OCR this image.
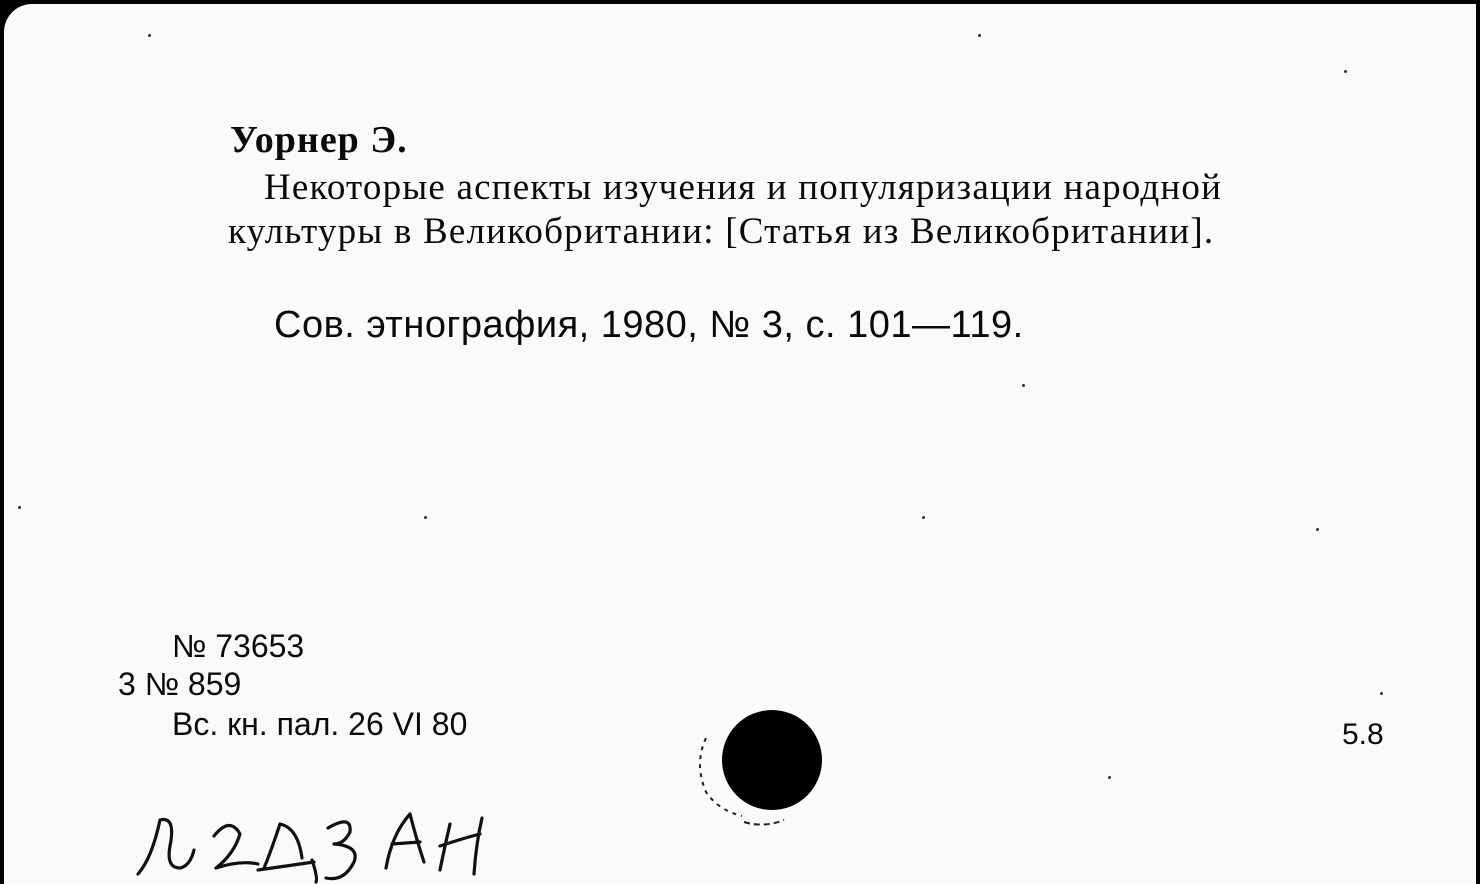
Уорнер Э.
Некоторые аспекты изучения и популяризации народной культуры в Великобритании: [Статья из Великобритании].
Сов. этнография, 1980, № 3, с. 101—119.
№ 73653
3 № 859
Вс. кн. пал. 26 VI 80	5.8
